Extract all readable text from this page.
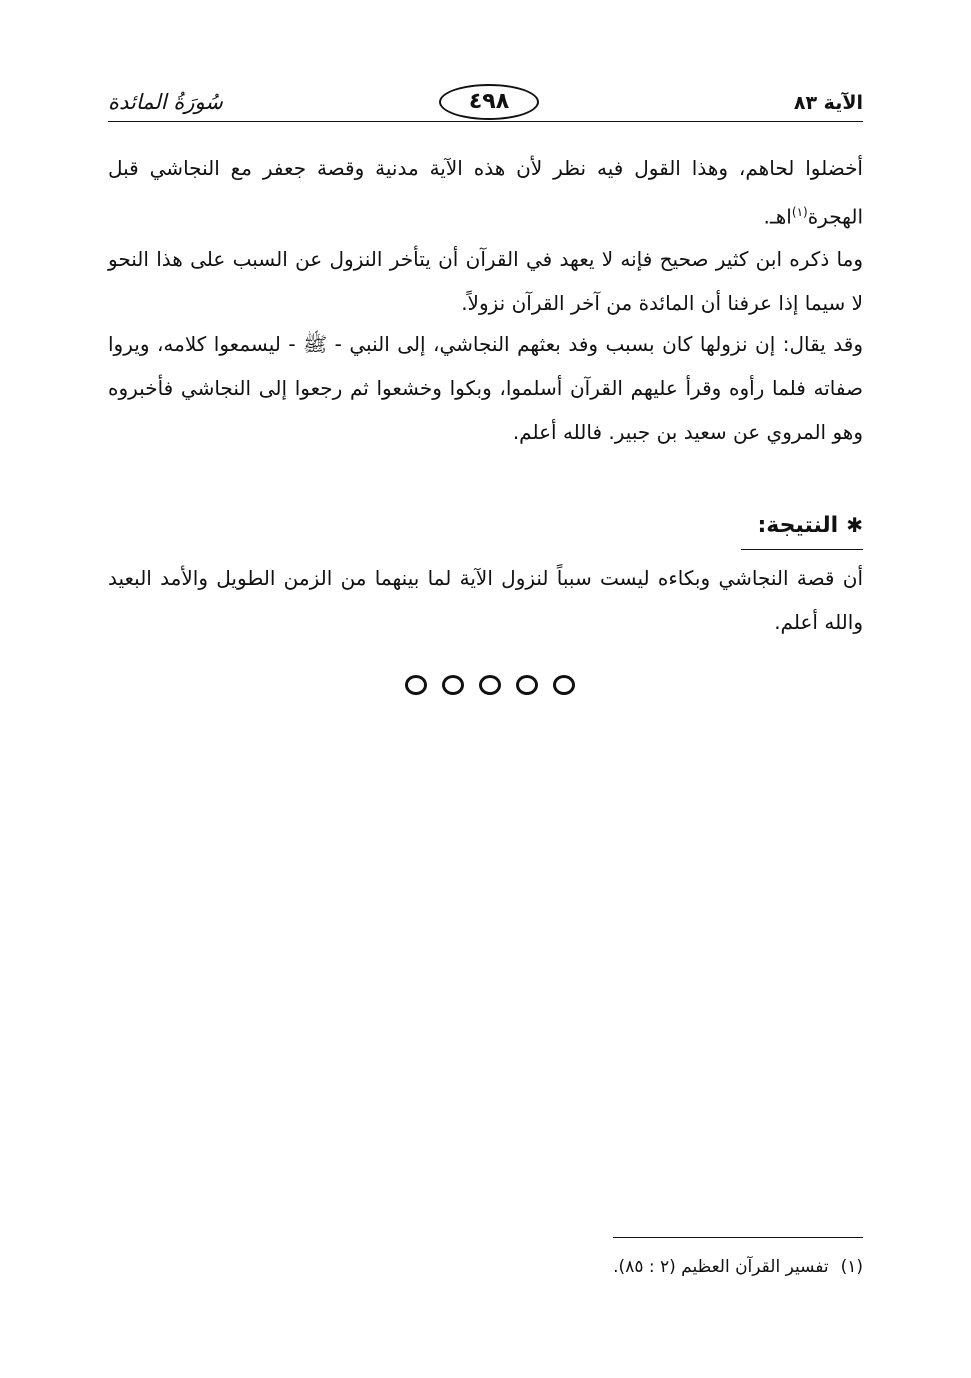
سُورَةُ المائدة	٤٩٨	الآية ٨٣
أخضلوا لحاهم، وهذا القول فيه نظر لأن هذه الآية مدنية وقصة جعفر مع النجاشي قبل الهجرة$^{(١)}$اهـ.
وما ذكره ابن كثير صحيح فإنه لا يعهد في القرآن أن يتأخر النزول عن السبب على هذا النحو لا سيما إذا عرفنا أن المائدة من آخر القرآن نزولاً.
وقد يقال: إن نزولها كان بسبب وفد بعثهم النجاشي، إلى النبي - ﷺ - ليسمعوا كلامه، ويروا صفاته فلما رأوه وقرأ عليهم القرآن أسلموا، وبكوا وخشعوا ثم رجعوا إلى النجاشي فأخبروه وهو المروي عن سعيد بن جبير. فالله أعلم.
✱النتيجة:
أن قصة النجاشي وبكاءه ليست سبباً لنزول الآية لما بينهما من الزمن الطويل والأمد البعيد والله أعلم.
(١)تفسير القرآن العظيم (٢ : ٨٥).
